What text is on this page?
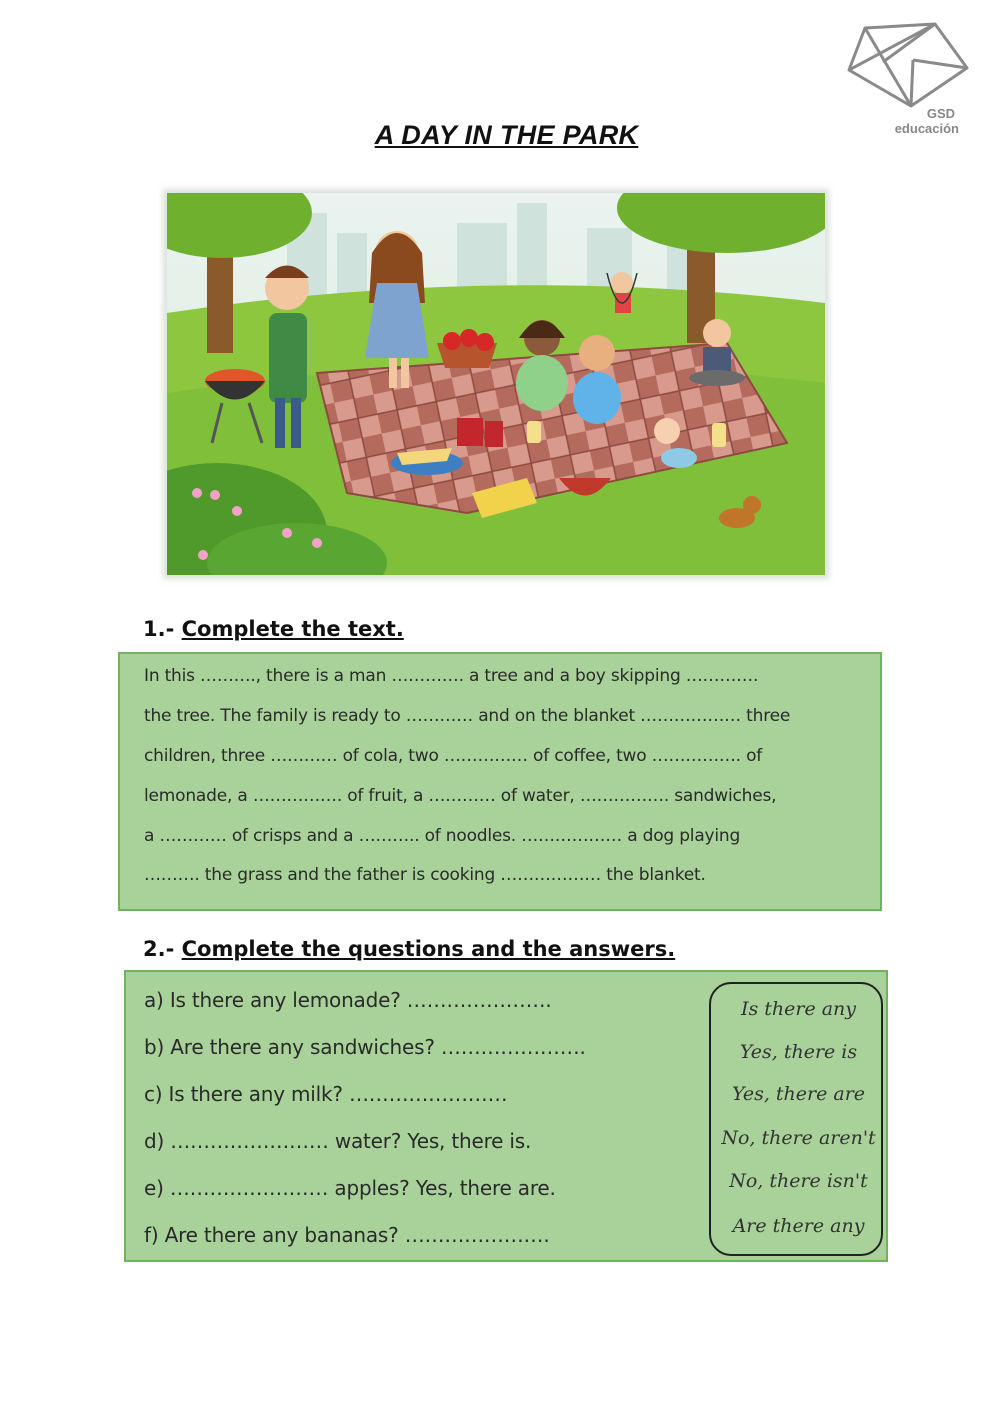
GSD
educación
A DAY IN THE PARK
1.- Complete the text.
In this ………., there is a man …………. a tree and a boy skipping ………….
the tree. The family is ready to ………… and on the blanket ……………… three
children, three ………… of cola, two …………… of coffee, two ……………. of
lemonade, a ……………. of fruit, a ………… of water, ……………. sandwiches,
a ………… of crisps and a ……….. of noodles. ……………… a dog playing
………. the grass and the father is cooking ……………… the blanket.
2.- Complete the questions and the answers.
a) Is there any lemonade? ………………….
b) Are there any sandwiches? ………………….
c) Is there any milk? ……………………
d) …………………… water? Yes, there is.
e) …………………… apples? Yes, there are.
f) Are there any bananas? ………………….
Is there any
Yes, there is
Yes, there are
No, there aren't
No, there isn't
Are there any
